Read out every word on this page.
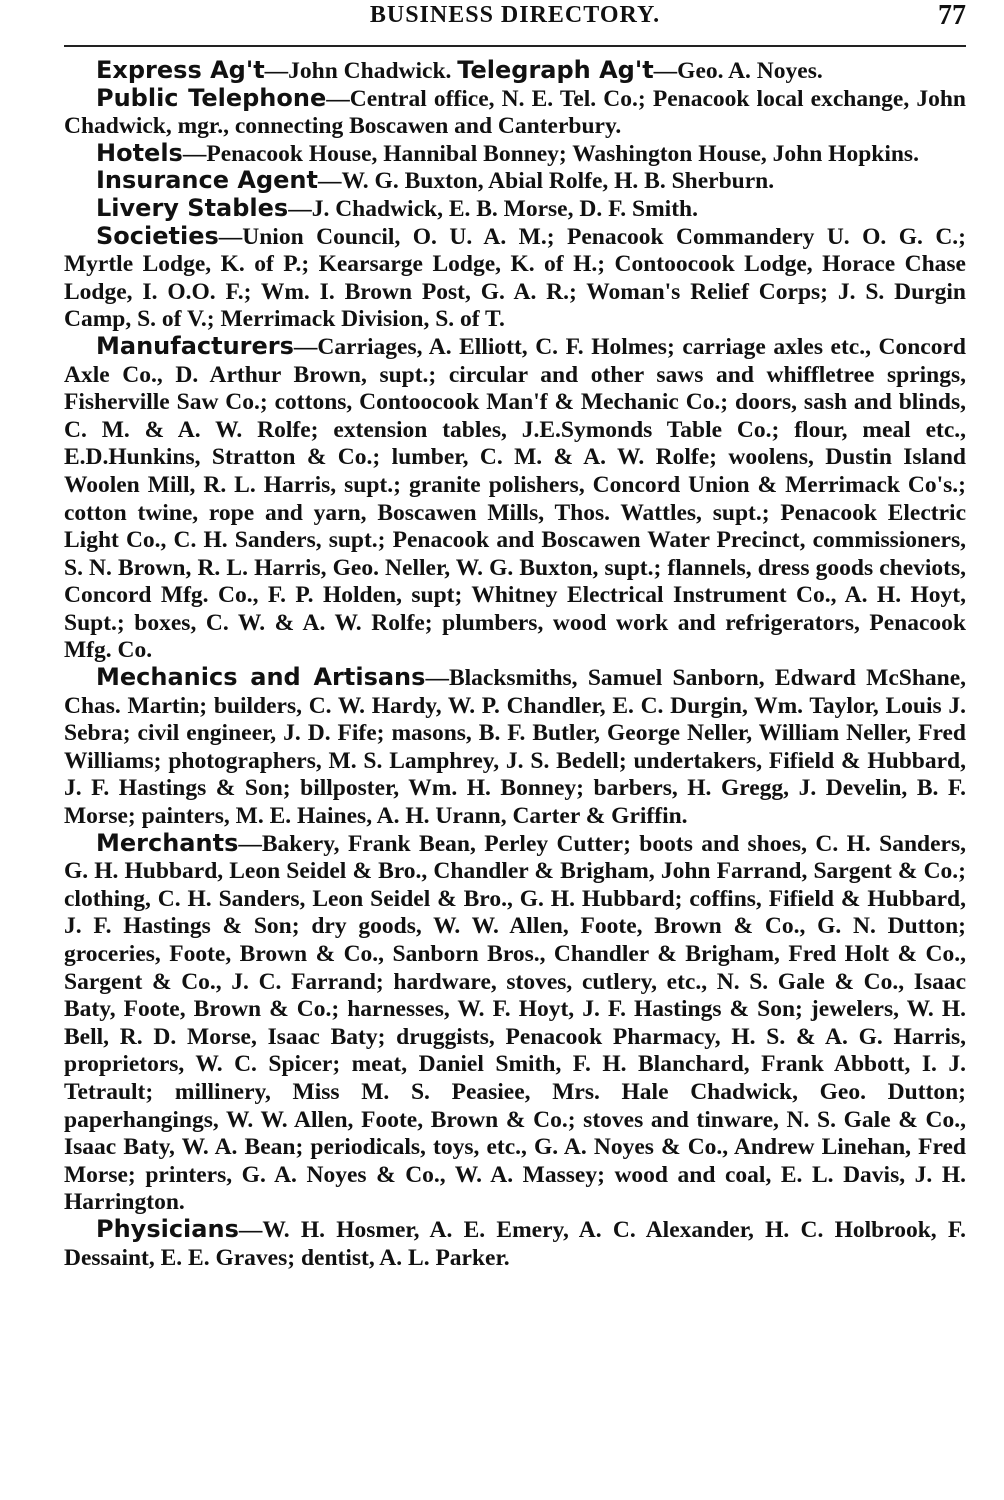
BUSINESS DIRECTORY.	77

Express Ag't—John Chadwick. Telegraph Ag't—Geo. A. Noyes.

Public Telephone—Central office, N. E. Tel. Co.; Penacook local exchange, John Chadwick, mgr., connecting Boscawen and Canterbury.

Hotels—Penacook House, Hannibal Bonney; Washington House, John Hopkins.

Insurance Agent—W. G. Buxton, Abial Rolfe, H. B. Sherburn.

Livery Stables—J. Chadwick, E. B. Morse, D. F. Smith.

Societies—Union Council, O. U. A. M.; Penacook Commandery U. O. G. C.; Myrtle Lodge, K. of P.; Kearsarge Lodge, K. of H.; Contoocook Lodge, Horace Chase Lodge, I. O.O. F.; Wm. I. Brown Post, G. A. R.; Woman's Relief Corps; J. S. Durgin Camp, S. of V.; Merrimack Division, S. of T.

Manufacturers—Carriages, A. Elliott, C. F. Holmes; carriage axles etc., Concord Axle Co., D. Arthur Brown, supt.; circular and other saws and whiffletree springs, Fisherville Saw Co.; cottons, Contoocook Man'f & Mechanic Co.; doors, sash and blinds, C. M. & A. W. Rolfe; extension tables, J.E.Symonds Table Co.; flour, meal etc., E.D.Hunkins, Stratton & Co.; lumber, C. M. & A. W. Rolfe; woolens, Dustin Island Woolen Mill, R. L. Harris, supt.; granite polishers, Concord Union & Merrimack Co's.; cotton twine, rope and yarn, Boscawen Mills, Thos. Wattles, supt.; Penacook Electric Light Co., C. H. Sanders, supt.; Penacook and Boscawen Water Precinct, commissioners, S. N. Brown, R. L. Harris, Geo. Neller, W. G. Buxton, supt.; flannels, dress goods cheviots, Concord Mfg. Co., F. P. Holden, supt; Whitney Electrical Instrument Co., A. H. Hoyt, Supt.; boxes, C. W. & A. W. Rolfe; plumbers, wood work and refrigerators, Penacook Mfg. Co.

Mechanics and Artisans—Blacksmiths, Samuel Sanborn, Edward McShane, Chas. Martin; builders, C. W. Hardy, W. P. Chandler, E. C. Durgin, Wm. Taylor, Louis J. Sebra; civil engineer, J. D. Fife; masons, B. F. Butler, George Neller, William Neller, Fred Williams; photographers, M. S. Lamphrey, J. S. Bedell; undertakers, Fifield & Hubbard, J. F. Hastings & Son; billposter, Wm. H. Bonney; barbers, H. Gregg, J. Develin, B. F. Morse; painters, M. E. Haines, A. H. Urann, Carter & Griffin.

Merchants—Bakery, Frank Bean, Perley Cutter; boots and shoes, C. H. Sanders, G. H. Hubbard, Leon Seidel & Bro., Chandler & Brigham, John Farrand, Sargent & Co.; clothing, C. H. Sanders, Leon Seidel & Bro., G. H. Hubbard; coffins, Fifield & Hubbard, J. F. Hastings & Son; dry goods, W. W. Allen, Foote, Brown & Co., G. N. Dutton; groceries, Foote, Brown & Co., Sanborn Bros., Chandler & Brigham, Fred Holt & Co., Sargent & Co., J. C. Farrand; hardware, stoves, cutlery, etc., N. S. Gale & Co., Isaac Baty, Foote, Brown & Co.; harnesses, W. F. Hoyt, J. F. Hastings & Son; jewelers, W. H. Bell, R. D. Morse, Isaac Baty; druggists, Penacook Pharmacy, H. S. & A. G. Harris, proprietors, W. C. Spicer; meat, Daniel Smith, F. H. Blanchard, Frank Abbott, I. J. Tetrault; millinery, Miss M. S. Peasiee, Mrs. Hale Chadwick, Geo. Dutton; paperhangings, W. W. Allen, Foote, Brown & Co.; stoves and tinware, N. S. Gale & Co., Isaac Baty, W. A. Bean; periodicals, toys, etc., G. A. Noyes & Co., Andrew Linehan, Fred Morse; printers, G. A. Noyes & Co., W. A. Massey; wood and coal, E. L. Davis, J. H. Harrington.

Physicians—W. H. Hosmer, A. E. Emery, A. C. Alexander, H. C. Holbrook, F. Dessaint, E. E. Graves; dentist, A. L. Parker.
